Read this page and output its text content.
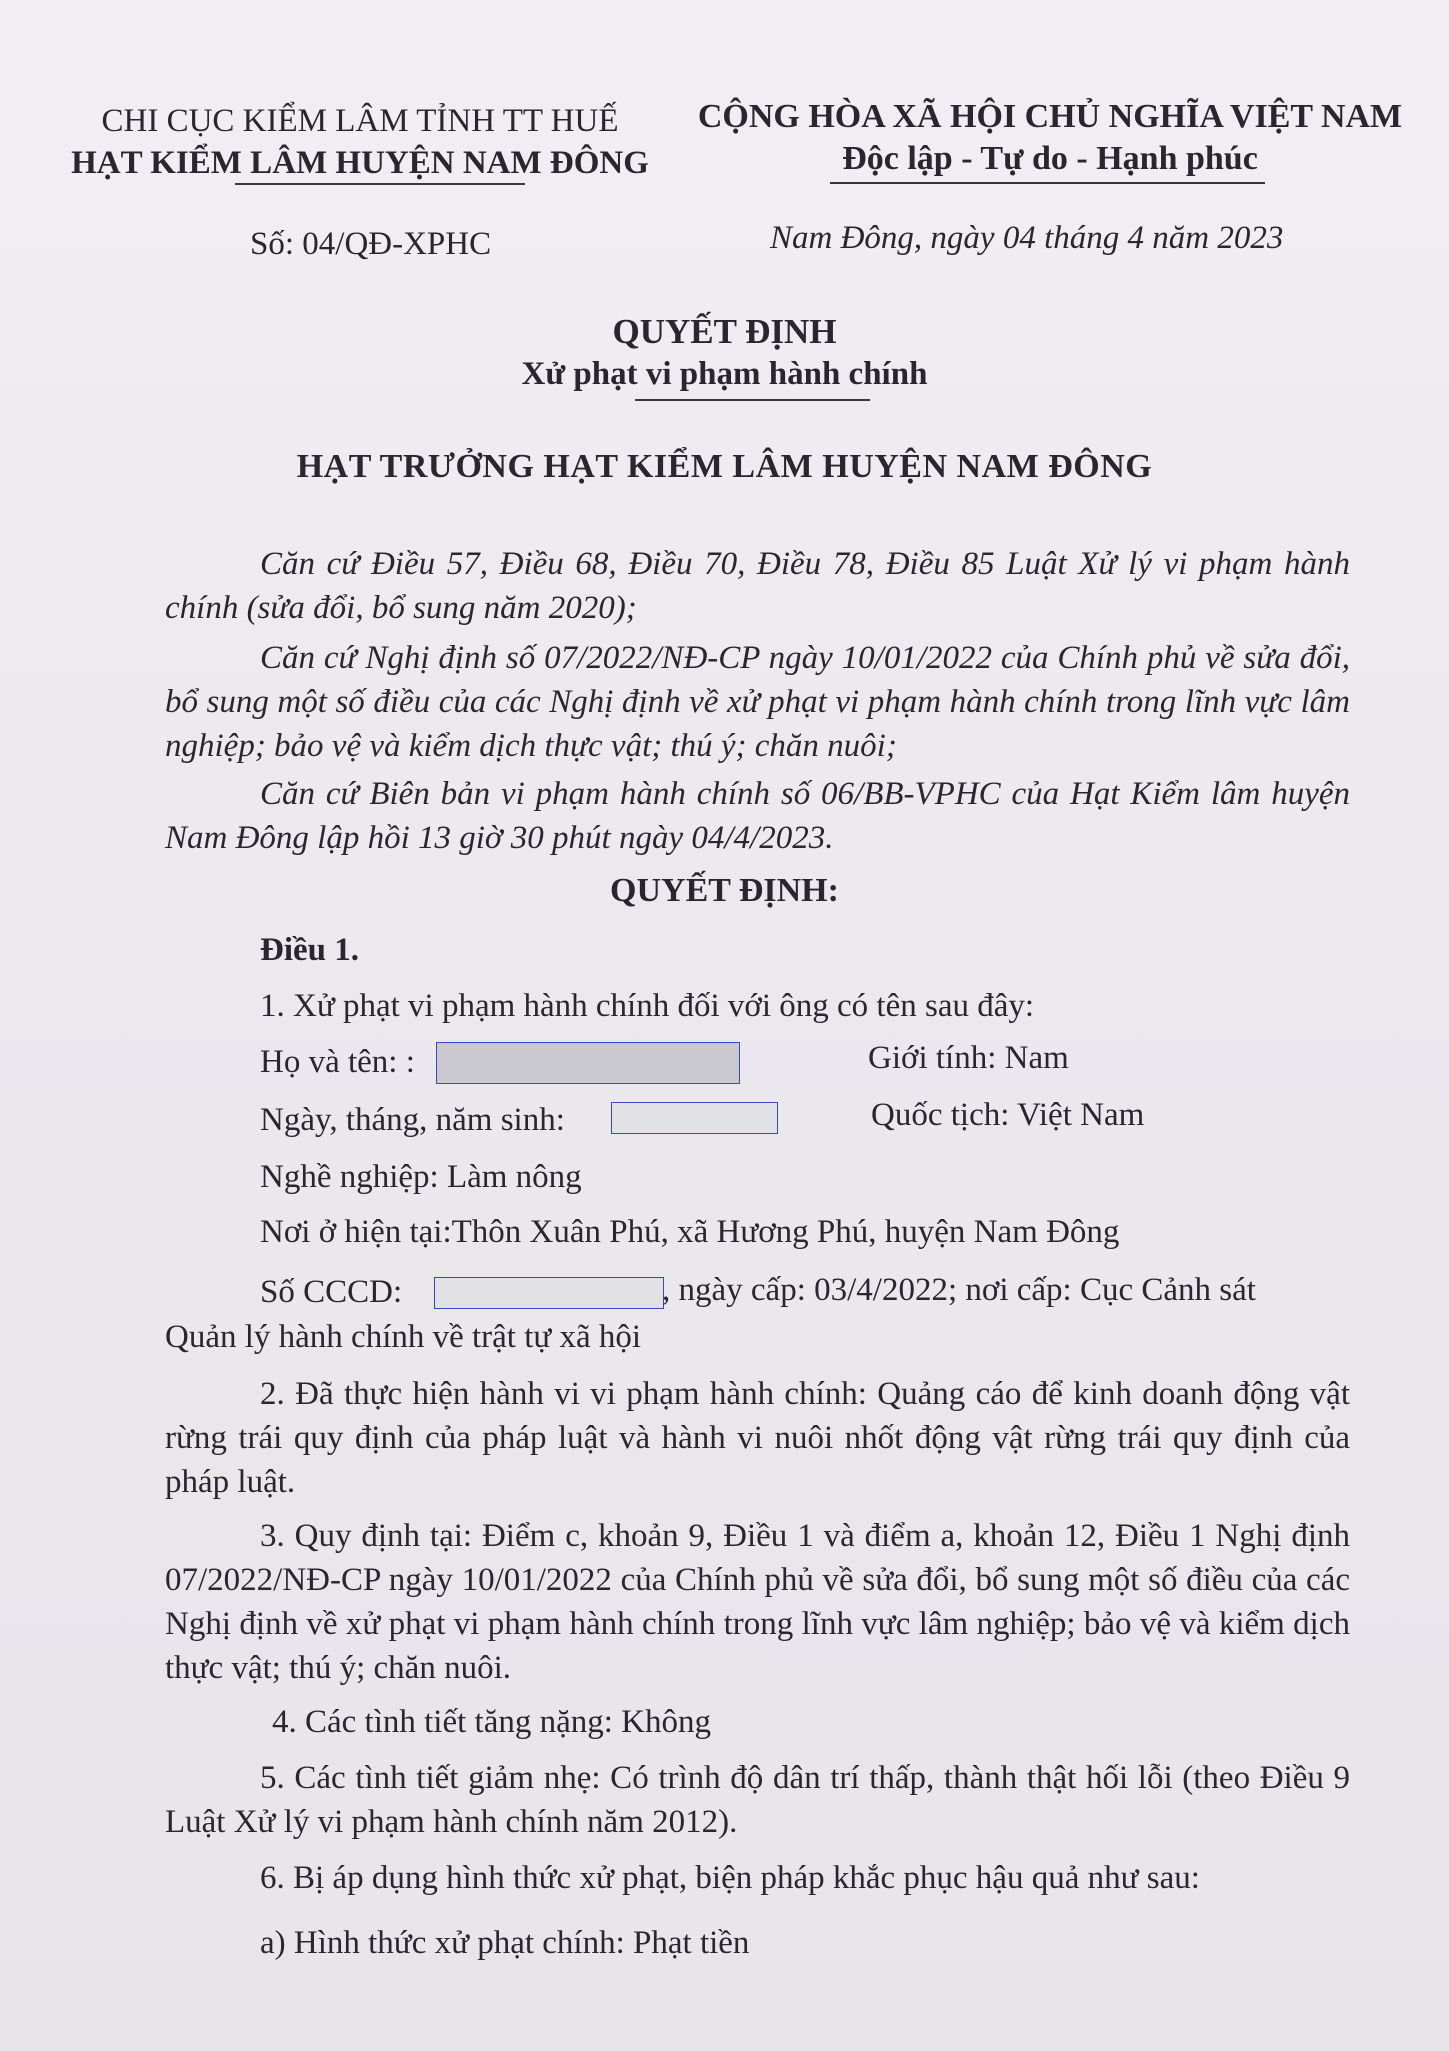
CHI CỤC KIỂM LÂM TỈNH TT HUẾ
HẠT KIỂM LÂM HUYỆN NAM ĐÔNG
CỘNG HÒA XÃ HỘI CHỦ NGHĨA VIỆT NAM
Độc lập - Tự do - Hạnh phúc
Số: 04/QĐ-XPHC	Nam Đông, ngày 04 tháng 4 năm 2023
QUYẾT ĐỊNH
Xử phạt vi phạm hành chính
HẠT TRƯỞNG HẠT KIỂM LÂM HUYỆN NAM ĐÔNG
Căn cứ Điều 57, Điều 68, Điều 70, Điều 78, Điều 85 Luật Xử lý vi phạm hành chính (sửa đổi, bổ sung năm 2020);
Căn cứ Nghị định số 07/2022/NĐ-CP ngày 10/01/2022 của Chính phủ về sửa đổi, bổ sung một số điều của các Nghị định về xử phạt vi phạm hành chính trong lĩnh vực lâm nghiệp; bảo vệ và kiểm dịch thực vật; thú ý; chăn nuôi;
Căn cứ Biên bản vi phạm hành chính số 06/BB-VPHC của Hạt Kiểm lâm huyện Nam Đông lập hồi 13 giờ 30 phút ngày 04/4/2023.
QUYẾT ĐỊNH:
Điều 1.
1. Xử phạt vi phạm hành chính đối với ông có tên sau đây:
Họ và tên: :	Giới tính: Nam
Ngày, tháng, năm sinh:	Quốc tịch: Việt Nam
Nghề nghiệp: Làm nông
Nơi ở hiện tại:Thôn Xuân Phú, xã Hương Phú, huyện Nam Đông
Số CCCD:	, ngày cấp: 03/4/2022; nơi cấp: Cục Cảnh sát
Quản lý hành chính về trật tự xã hội
2. Đã thực hiện hành vi vi phạm hành chính: Quảng cáo để kinh doanh động vật rừng trái quy định của pháp luật và hành vi nuôi nhốt động vật rừng trái quy định của pháp luật.
3. Quy định tại: Điểm c, khoản 9, Điều 1 và điểm a, khoản 12, Điều 1 Nghị định 07/2022/NĐ-CP ngày 10/01/2022 của Chính phủ về sửa đổi, bổ sung một số điều của các Nghị định về xử phạt vi phạm hành chính trong lĩnh vực lâm nghiệp; bảo vệ và kiểm dịch thực vật; thú ý; chăn nuôi.
4. Các tình tiết tăng nặng: Không
5. Các tình tiết giảm nhẹ: Có trình độ dân trí thấp, thành thật hối lỗi (theo Điều 9 Luật Xử lý vi phạm hành chính năm 2012).
6. Bị áp dụng hình thức xử phạt, biện pháp khắc phục hậu quả như sau:
a) Hình thức xử phạt chính: Phạt tiền
